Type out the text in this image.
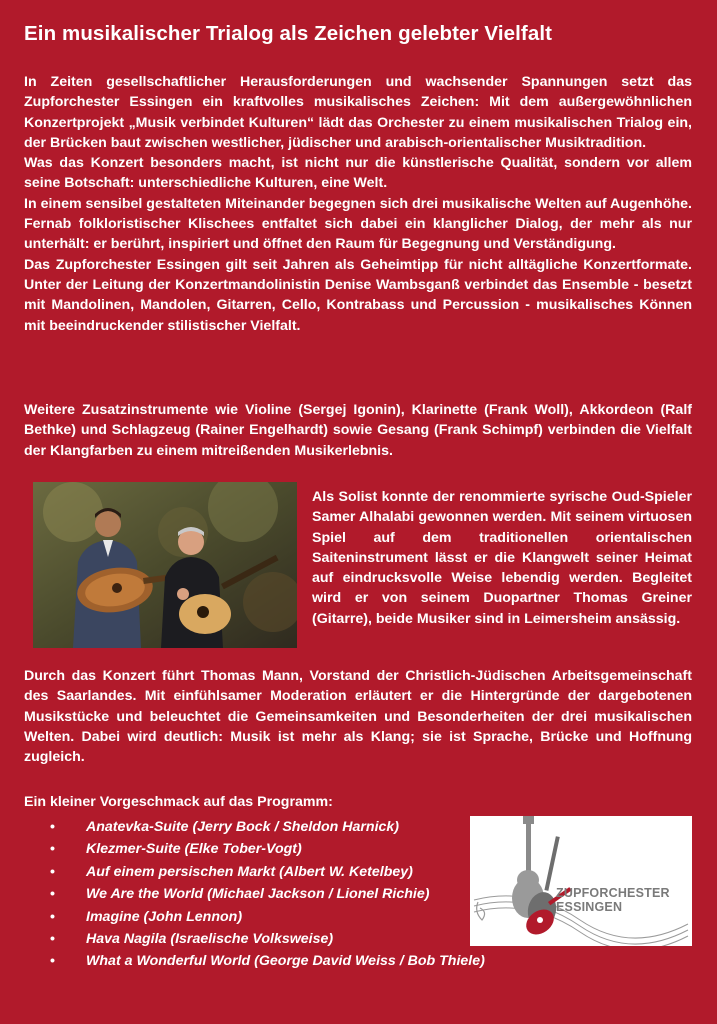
Ein musikalischer Trialog als Zeichen gelebter Vielfalt
In Zeiten gesellschaftlicher Herausforderungen und wachsender Spannungen setzt das Zupforchester Essingen ein kraftvolles musikalisches Zeichen: Mit dem außergewöhnlichen Konzertprojekt „Musik verbindet Kulturen“ lädt das Orchester zu einem musikalischen Trialog ein, der Brücken baut zwischen westlicher, jüdischer und arabisch-orientalischer Musiktradition.
Was das Konzert besonders macht, ist nicht nur die künstlerische Qualität, sondern vor allem seine Botschaft: unterschiedliche Kulturen, eine Welt.
In einem sensibel gestalteten Miteinander begegnen sich drei musikalische Welten auf Augenhöhe. Fernab folkloristischer Klischees entfaltet sich dabei ein klanglicher Dialog, der mehr als nur unterhält: er berührt, inspiriert und öffnet den Raum für Begegnung und Verständigung.
Das Zupforchester Essingen gilt seit Jahren als Geheimtipp für nicht alltägliche Konzertformate. Unter der Leitung der Konzertmandolinistin Denise Wambsganß verbindet das Ensemble - besetzt mit Mandolinen, Mandolen, Gitarren, Cello, Kontrabass und Percussion - musikalisches Können mit beeindruckender stilistischer Vielfalt.

Weitere Zusatzinstrumente wie Violine (Sergej Igonin), Klarinette (Frank Woll), Akkordeon (Ralf Bethke) und Schlagzeug (Rainer Engelhardt) sowie Gesang (Frank Schimpf) verbinden die Vielfalt der Klangfarben zu einem mitreißenden Musikerlebnis.

Als Solist konnte der renommierte syrische Oud-Spieler Samer Alhalabi gewonnen werden. Mit seinem virtuosen Spiel auf dem traditionellen orientalischen Saiteninstrument lässt er die Klangwelt seiner Heimat auf eindrucksvolle Weise lebendig werden. Begleitet wird er von seinem Duopartner Thomas Greiner (Gitarre), beide Musiker sind in Leimersheim ansässig.

Durch das Konzert führt Thomas Mann, Vorstand der Christlich-Jüdischen Arbeitsgemeinschaft des Saarlandes. Mit einfühlsamer Moderation erläutert er die Hintergründe der dargebotenen Musikstücke und beleuchtet die Gemeinsamkeiten und Besonderheiten der drei musikalischen Welten. Dabei wird deutlich: Musik ist mehr als Klang; sie ist Sprache, Brücke und Hoffnung zugleich.

Ein kleiner Vorgeschmack auf das Programm:
• Anatevka-Suite (Jerry Bock / Sheldon Harnick)
• Klezmer-Suite (Elke Tober-Vogt)
• Auf einem persischen Markt (Albert W. Ketelbey)
• We Are the World (Michael Jackson / Lionel Richie)
• Imagine (John Lennon)
• Hava Nagila (Israelische Volksweise)
• What a Wonderful World (George David Weiss / Bob Thiele)
ZUPFORCHESTER
ESSINGEN
